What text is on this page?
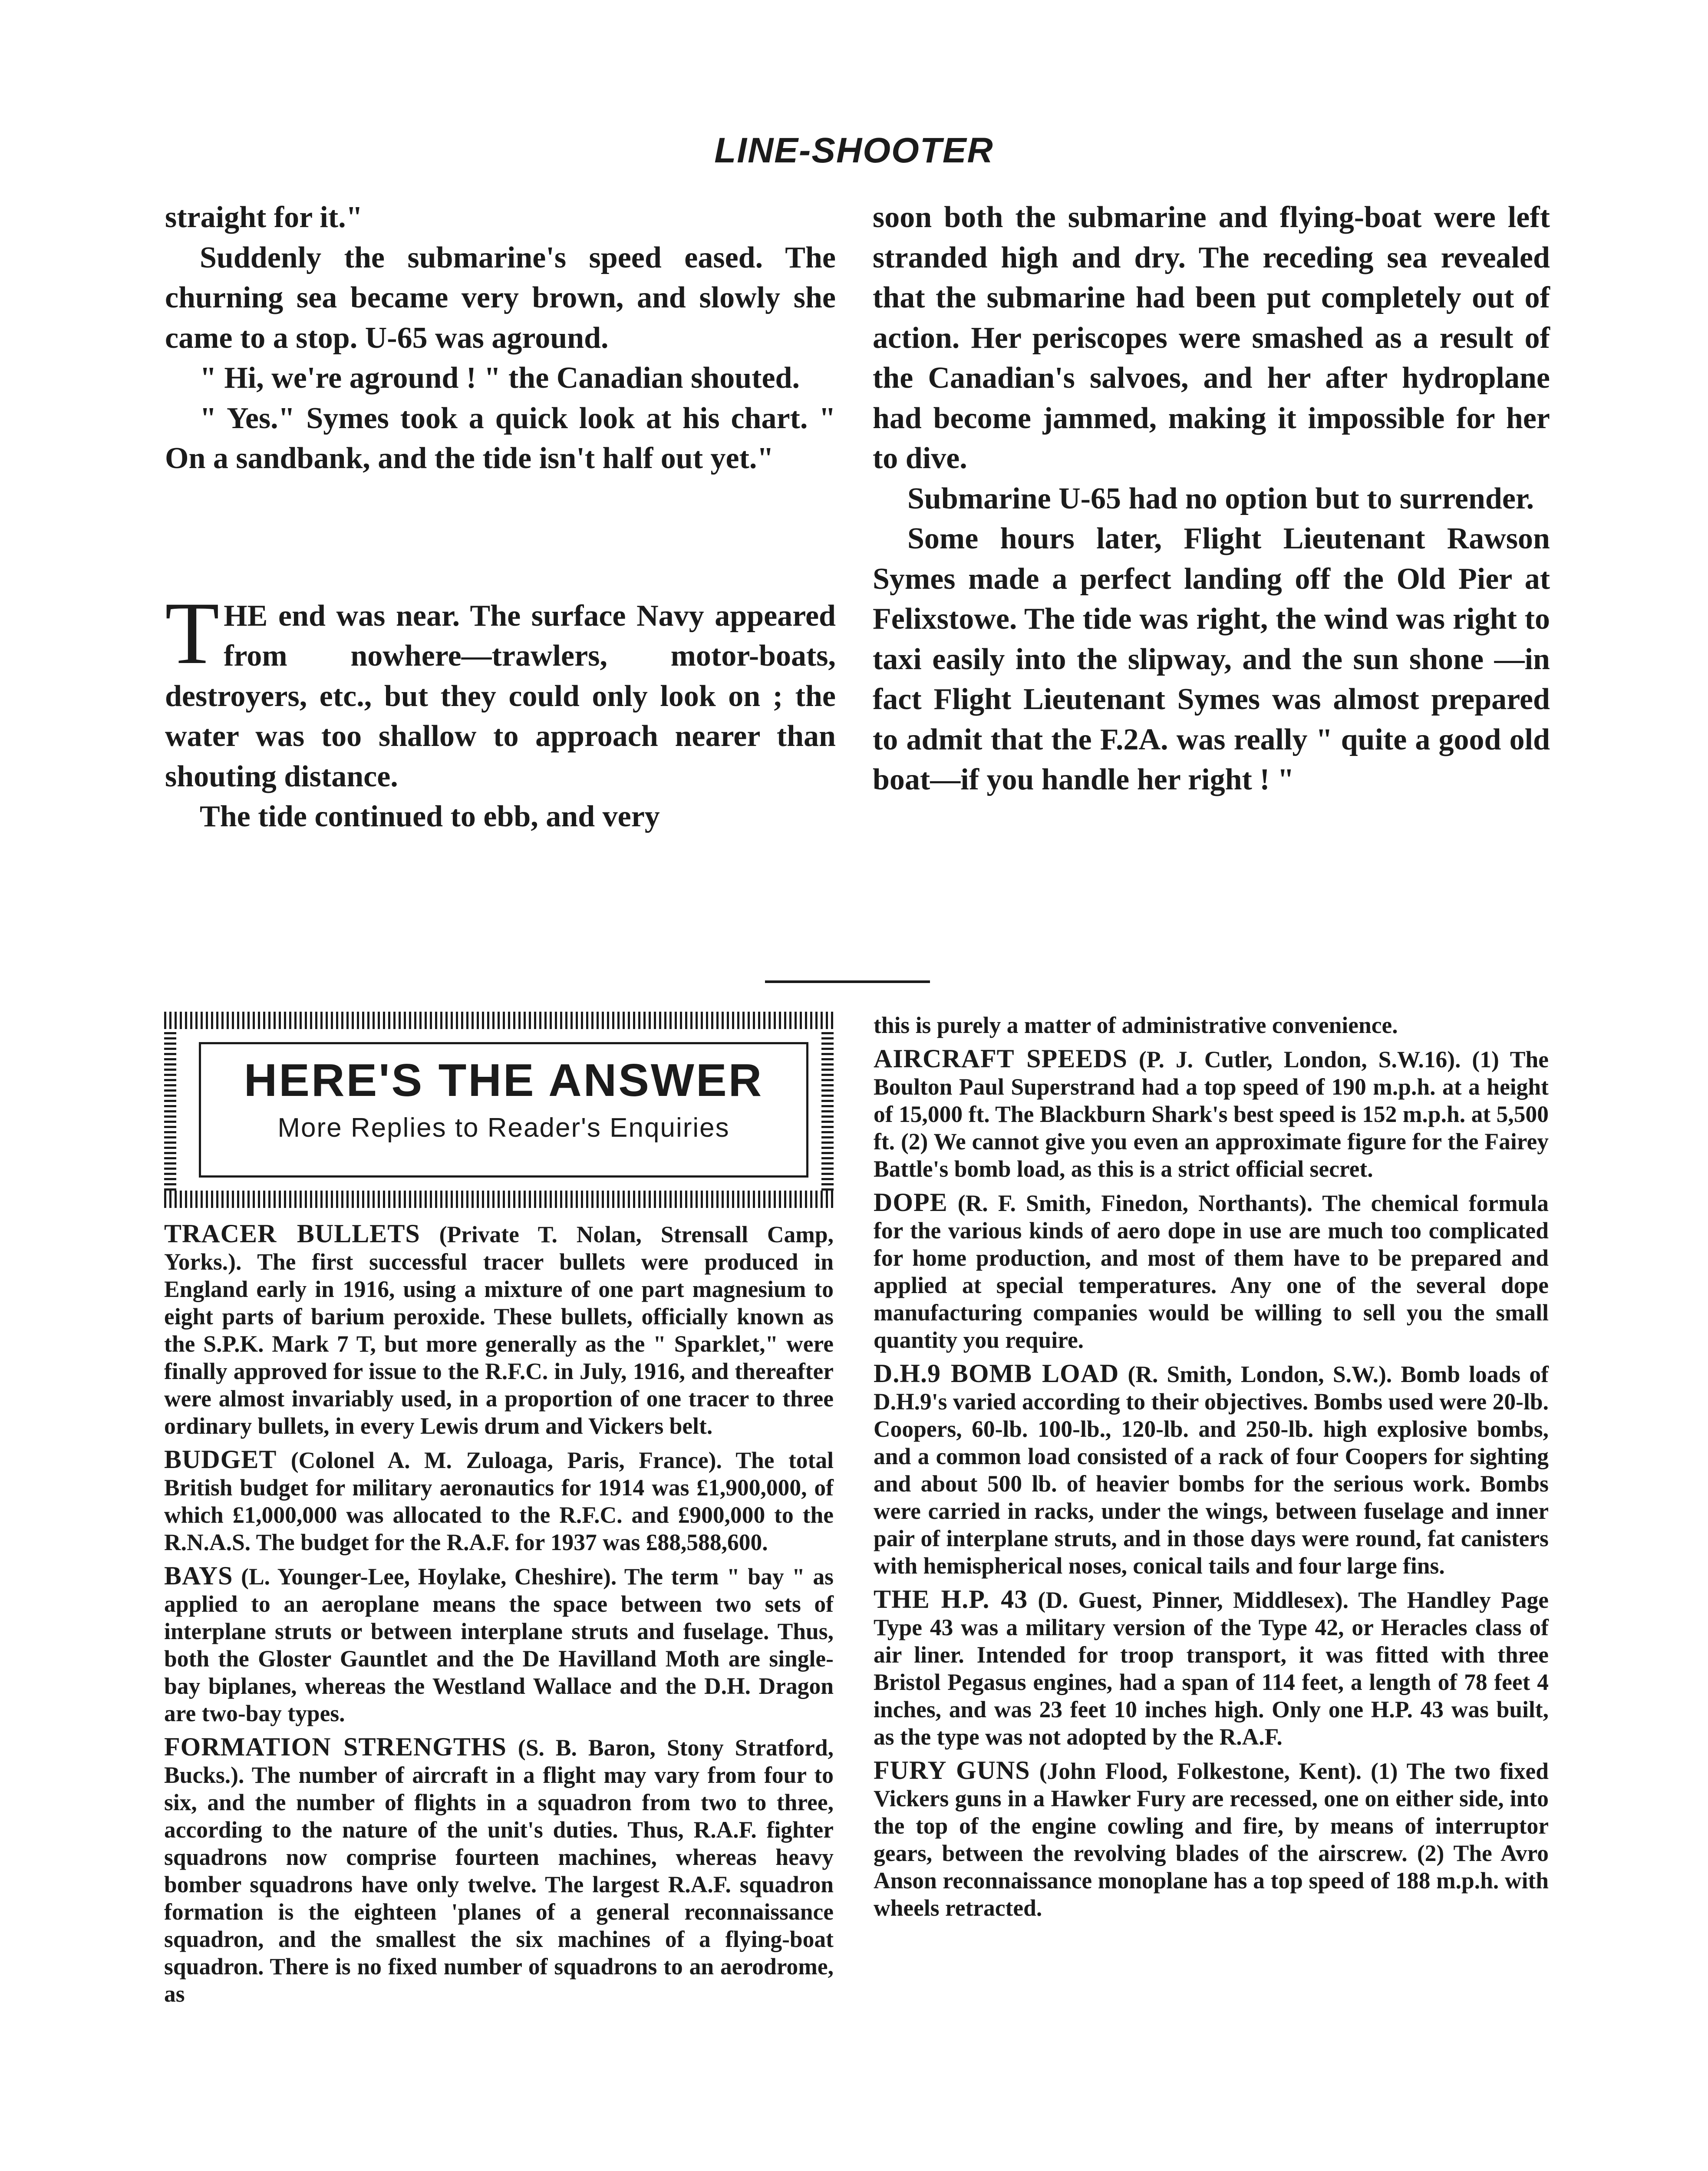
LINE-SHOOTER

straight for it."

Suddenly the submarine's speed eased. The churning sea became very brown, and slowly she came to a stop. U-65 was aground.

" Hi, we're aground ! " the Canadian shouted.

" Yes." Symes took a quick look at his chart. " On a sandbank, and the tide isn't half out yet."

THE end was near. The surface Navy appeared from nowhere—trawlers, motor-boats, destroyers, etc., but they could only look on ; the water was too shallow to approach nearer than shouting distance.

The tide continued to ebb, and very

soon both the submarine and flying-boat were left stranded high and dry. The receding sea revealed that the submarine had been put completely out of action. Her periscopes were smashed as a result of the Canadian's salvoes, and her after hydroplane had become jammed, making it impossible for her to dive.

Submarine U-65 had no option but to surrender.

Some hours later, Flight Lieutenant Rawson Symes made a perfect landing off the Old Pier at Felixstowe. The tide was right, the wind was right to taxi easily into the slipway, and the sun shone —in fact Flight Lieutenant Symes was almost prepared to admit that the F.2A. was really " quite a good old boat—if you handle her right ! "

HERE'S THE ANSWER
More Replies to Reader's Enquiries

TRACER BULLETS (Private T. Nolan, Strensall Camp, Yorks.). The first successful tracer bullets were produced in England early in 1916, using a mixture of one part magnesium to eight parts of barium peroxide. These bullets, officially known as the S.P.K. Mark 7 T, but more generally as the " Sparklet," were finally approved for issue to the R.F.C. in July, 1916, and thereafter were almost invariably used, in a proportion of one tracer to three ordinary bullets, in every Lewis drum and Vickers belt.

BUDGET (Colonel A. M. Zuloaga, Paris, France). The total British budget for military aeronautics for 1914 was £1,900,000, of which £1,000,000 was allocated to the R.F.C. and £900,000 to the R.N.A.S. The budget for the R.A.F. for 1937 was £88,588,600.

BAYS (L. Younger-Lee, Hoylake, Cheshire). The term " bay " as applied to an aeroplane means the space between two sets of interplane struts or between interplane struts and fuselage. Thus, both the Gloster Gauntlet and the De Havilland Moth are single-bay biplanes, whereas the Westland Wallace and the D.H. Dragon are two-bay types.

FORMATION STRENGTHS (S. B. Baron, Stony Stratford, Bucks.). The number of aircraft in a flight may vary from four to six, and the number of flights in a squadron from two to three, according to the nature of the unit's duties. Thus, R.A.F. fighter squadrons now comprise fourteen machines, whereas heavy bomber squadrons have only twelve. The largest R.A.F. squadron formation is the eighteen 'planes of a general reconnaissance squadron, and the smallest the six machines of a flying-boat squadron. There is no fixed number of squadrons to an aerodrome, as

this is purely a matter of administrative convenience.

AIRCRAFT SPEEDS (P. J. Cutler, London, S.W.16). (1) The Boulton Paul Superstrand had a top speed of 190 m.p.h. at a height of 15,000 ft. The Blackburn Shark's best speed is 152 m.p.h. at 5,500 ft. (2) We cannot give you even an approximate figure for the Fairey Battle's bomb load, as this is a strict official secret.

DOPE (R. F. Smith, Finedon, Northants). The chemical formula for the various kinds of aero dope in use are much too complicated for home production, and most of them have to be prepared and applied at special temperatures. Any one of the several dope manufacturing companies would be willing to sell you the small quantity you require.

D.H.9 BOMB LOAD (R. Smith, London, S.W.). Bomb loads of D.H.9's varied according to their objectives. Bombs used were 20-lb. Coopers, 60-lb. 100-lb., 120-lb. and 250-lb. high explosive bombs, and a common load consisted of a rack of four Coopers for sighting and about 500 lb. of heavier bombs for the serious work. Bombs were carried in racks, under the wings, between fuselage and inner pair of interplane struts, and in those days were round, fat canisters with hemispherical noses, conical tails and four large fins.

THE H.P. 43 (D. Guest, Pinner, Middlesex). The Handley Page Type 43 was a military version of the Type 42, or Heracles class of air liner. Intended for troop transport, it was fitted with three Bristol Pegasus engines, had a span of 114 feet, a length of 78 feet 4 inches, and was 23 feet 10 inches high. Only one H.P. 43 was built, as the type was not adopted by the R.A.F.

FURY GUNS (John Flood, Folkestone, Kent). (1) The two fixed Vickers guns in a Hawker Fury are recessed, one on either side, into the top of the engine cowling and fire, by means of interruptor gears, between the revolving blades of the airscrew. (2) The Avro Anson reconnaissance monoplane has a top speed of 188 m.p.h. with wheels retracted.
